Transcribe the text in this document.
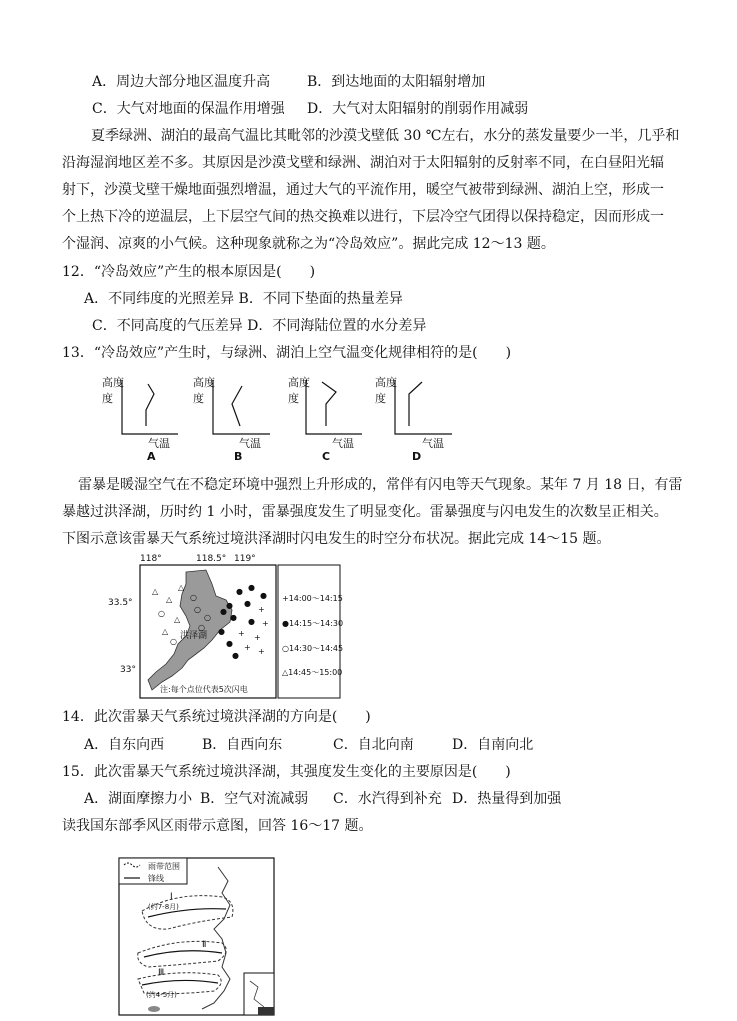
A．周边大部分地区温度升高	B．到达地面的太阳辐射增加
C．大气对地面的保温作用增强 D．大气对太阳辐射的削弱作用减弱
夏季绿洲、湖泊的最高气温比其毗邻的沙漠戈壁低 30 ℃左右，水分的蒸发量要少一半，几乎和
沿海湿润地区差不多。其原因是沙漠戈壁和绿洲、湖泊对于太阳辐射的反射率不同，在白昼阳光辐
射下，沙漠戈壁干燥地面强烈增温，通过大气的平流作用，暖空气被带到绿洲、湖泊上空，形成一
个上热下冷的逆温层，上下层空气间的热交换难以进行，下层冷空气团得以保持稳定，因而形成一
个湿润、凉爽的小气候。这种现象就称之为“冷岛效应”。据此完成 12～13 题。
12．“冷岛效应”产生的根本原因是(　　)
A．不同纬度的光照差异 B．不同下垫面的热量差异
C．不同高度的气压差异 D．不同海陆位置的水分差异
13．“冷岛效应”产生时，与绿洲、湖泊上空气温变化规律相符的是(　　)
高度
度
气温
A
高度
度
气温
B
高度
度
气温
C
高度
度
气温
D
雷暴是暖湿空气在不稳定环境中强烈上升形成的，常伴有闪电等天气现象。某年 7 月 18 日，有雷
暴越过洪泽湖，历时约 1 小时，雷暴强度发生了明显变化。雷暴强度与闪电发生的次数呈正相关。
下图示意该雷暴天气系统过境洪泽湖时闪电发生的时空分布状况。据此完成 14～15 题。
118°	118.5° 119°
33.5°
33°
洪泽湖
● ●
●
● ●
+
● ● +
+ +
● +
● +
●
●
△
○
△
○
○
○
△
○
○
△ △
注:每个点位代表5次闪电
+14:00～14:15
●14:15～14:30
○14:30～14:45
△14:45～15:00
14．此次雷暴天气系统过境洪泽湖的方向是(　　)
A．自东向西	B．自西向东	C．自北向南	D．自南向北
15．此次雷暴天气系统过境洪泽湖，其强度发生变化的主要原因是(　　)
A．湖面摩擦力小 B．空气对流减弱 C．水汽得到补充 D．热量得到加强
读我国东部季风区雨带示意图，回答 16～17 题。
雨带范围
锋线
Ⅰ
(约7-8月)
Ⅱ
Ⅲ
(约4-5月)
